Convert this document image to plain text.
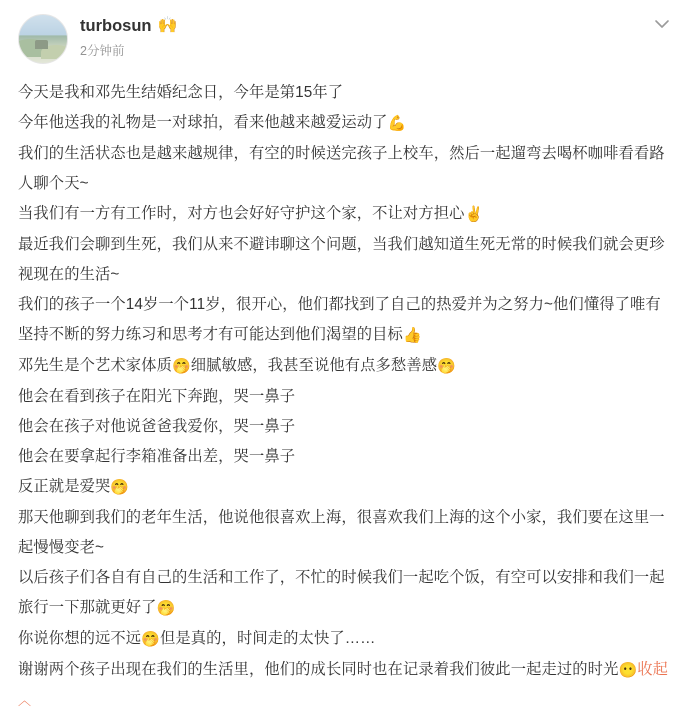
turbosun 🙌
2分钟前

今天是我和邓先生结婚纪念日，今年是第15年了

今年他送我的礼物是一对球拍，看来他越来越爱运动了💪

我们的生活状态也是越来越规律，有空的时候送完孩子上校车，然后一起遛弯去喝杯咖啡看看路人聊个天~

当我们有一方有工作时，对方也会好好守护这个家，不让对方担心✌

最近我们会聊到生死，我们从来不避讳聊这个问题，当我们越知道生死无常的时候我们就会更珍视现在的生活~

我们的孩子一个14岁一个11岁，很开心，他们都找到了自己的热爱并为之努力~他们懂得了唯有坚持不断的努力练习和思考才有可能达到他们渴望的目标👍

邓先生是个艺术家体质🤭细腻敏感，我甚至说他有点多愁善感🤭

他会在看到孩子在阳光下奔跑，哭一鼻子

他会在孩子对他说爸爸我爱你，哭一鼻子

他会在要拿起行李箱准备出差，哭一鼻子

反正就是爱哭🤭

那天他聊到我们的老年生活，他说他很喜欢上海，很喜欢我们上海的这个小家，我们要在这里一起慢慢变老~

以后孩子们各自有自己的生活和工作了，不忙的时候我们一起吃个饭，有空可以安排和我们一起旅行一下那就更好了🤭

你说你想的远不远🤭但是真的，时间走的太快了……

谢谢两个孩子出现在我们的生活里，他们的成长同时也在记录着我们彼此一起走过的时光😶收起︿
